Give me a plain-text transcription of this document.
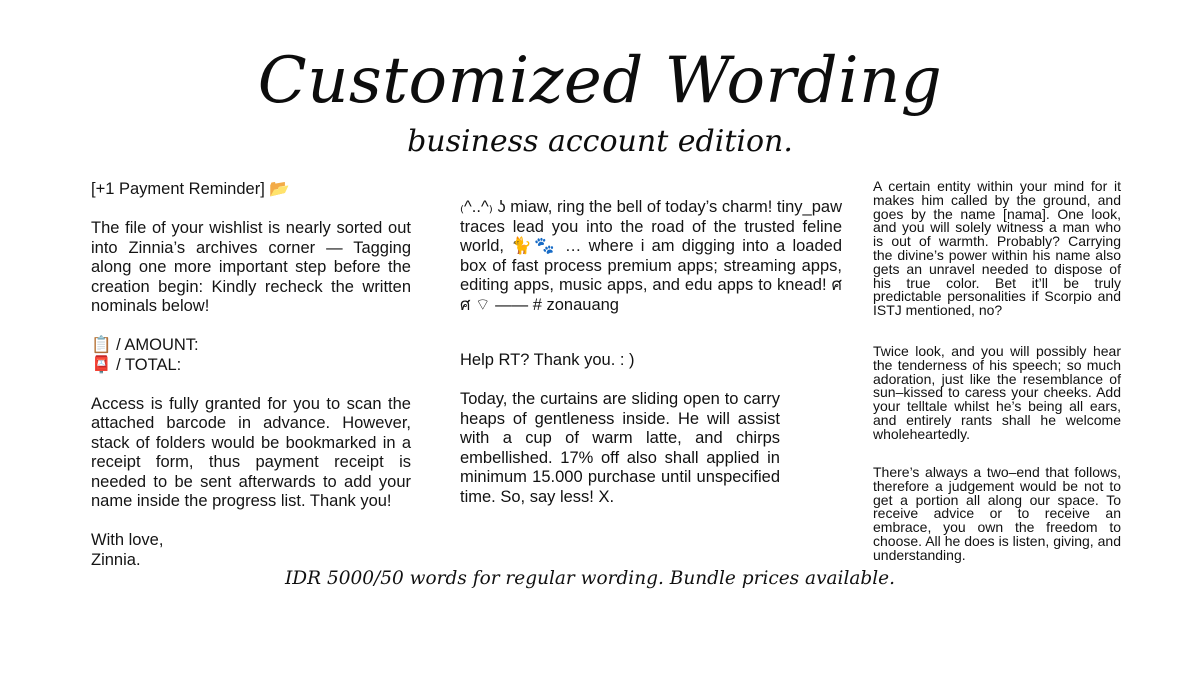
Customized Wording
business account edition.

[+1 Payment Reminder] 📂

The file of your wishlist is nearly sorted out into Zinnia’s archives corner — Tagging along one more important step before the creation begin: Kindly recheck the written nominals below!

📋 / AMOUNT:

📮 / TOTAL:

Access is fully granted for you to scan the attached barcode in advance. However, stack of folders would be bookmarked in a receipt form, thus payment receipt is needed to be sent afterwards to add your name inside the progress list. Thank you!

With love,

Zinnia.

₍^..^₎ ʖ miaw, ring the bell of today’s charm! tiny_paw traces lead you into the road of the trusted feline world, 🐈🐾 … where i am digging into a loaded box of fast process premium apps; streaming apps, editing apps, music apps, and edu apps to knead! ศ ศ ⌔ —— # zonauang

Help RT? Thank you. : )
Today, the curtains are sliding open to carry heaps of gentleness inside. He will assist with a cup of warm latte, and chirps embellished. 17% off also shall applied in minimum 15.000 purchase until unspecified time. So, say less! X.
A certain entity within your mind for it makes him called by the ground, and goes by the name [nama]. One look, and you will solely witness a man who is out of warmth. Probably? Carrying the divine’s power within his name also gets an unravel needed to dispose of his true color. Bet it’ll be truly predictable personalities if Scorpio and ISTJ mentioned, no?
Twice look, and you will possibly hear the tenderness of his speech; so much adoration, just like the resemblance of sun–kissed to caress your cheeks. Add your telltale whilst he’s being all ears, and entirely rants shall he welcome wholeheartedly.
There’s always a two–end that follows, therefore a judgement would be not to get a portion all along our space. To receive advice or to receive an embrace, you own the freedom to choose. All he does is listen, giving, and understanding.
IDR 5000/50 words for regular wording. Bundle prices available.
